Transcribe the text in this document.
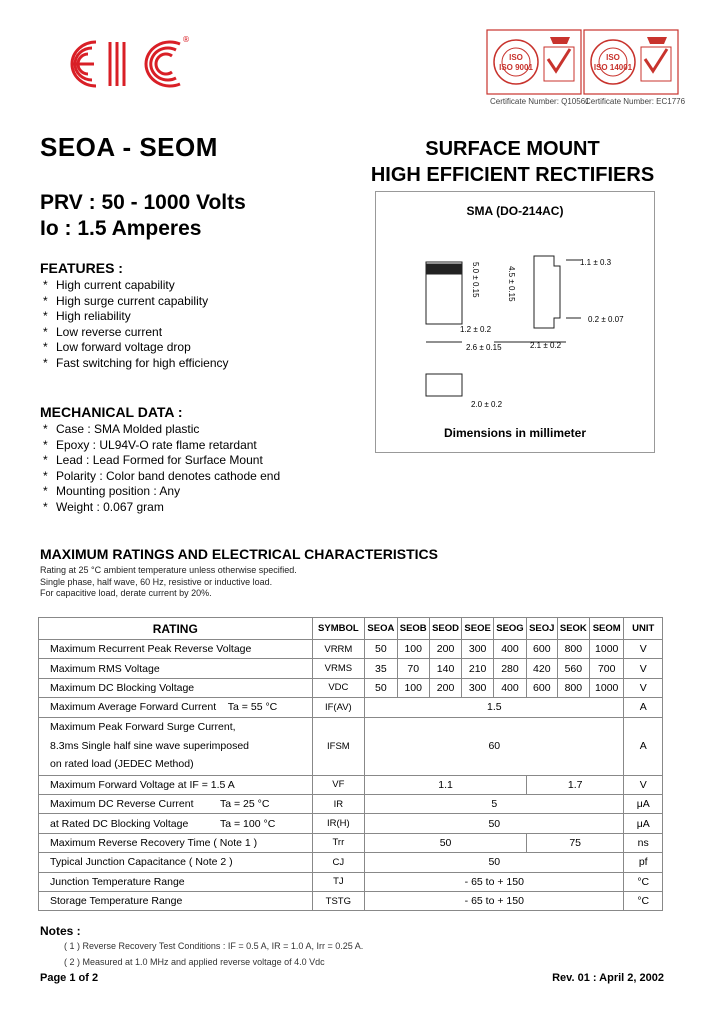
®
ISO
ISO 9001
Certificate Number: Q10561
ISO
ISO 14001
Certificate Number: EC1776
SEOA - SEOM	SURFACE MOUNT
HIGH EFFICIENT RECTIFIERS
PRV : 50 - 1000 Volts
Io : 1.5 Amperes
FEATURES :
* High current capability
* High surge current capability
* High reliability
* Low reverse current
* Low forward voltage drop
* Fast switching for high efficiency
MECHANICAL DATA :
* Case : SMA Molded plastic
* Epoxy : UL94V-O rate flame retardant
* Lead : Lead Formed for Surface Mount
* Polarity : Color band denotes cathode end
* Mounting position : Any
* Weight : 0.067 gram
SMA (DO-214AC)
1.1 ± 0.3
5.0 ± 0.15	4.5 ± 0.15
0.2 ± 0.07
1.2 ± 0.2
2.6 ± 0.15	2.1 ± 0.2
2.0 ± 0.2
Dimensions in millimeter
MAXIMUM RATINGS AND ELECTRICAL CHARACTERISTICS
Rating at 25 °C ambient temperature unless otherwise specified.
Single phase, half wave, 60 Hz, resistive or inductive load.
For capacitive load, derate current by 20%.
RATING	SYMBOL	SEOA	SEOB	SEOD	SEOE	SEOG	SEOJ	SEOK	SEOM	UNIT
Maximum Recurrent Peak Reverse Voltage	VRRM	50	100	200	300	400	600	800	1000	V
Maximum RMS Voltage	VRMS	35	70	140	210	280	420	560	700	V
Maximum DC Blocking Voltage	VDC	50	100	200	300	400	600	800	1000	V
Maximum Average Forward Current Ta = 55 °C	IF(AV)	1.5								A

Maximum Peak Forward Surge Current,
8.3ms Single half sine wave superimposed
on rated load (JEDEC Method)	IFSM	60								A
Maximum Forward Voltage at IF = 1.5 A	VF	1.1					1.7			V
Maximum DC Reverse Current Ta = 25 °C	IR	5								μA
at Rated DC Blocking Voltage Ta = 100 °C	IR(H)	50								μA
Maximum Reverse Recovery Time ( Note 1 )	Trr	50					75			ns
Typical Junction Capacitance ( Note 2 )	CJ	50								pf
Junction Temperature Range	TJ	- 65 to + 150								°C
Storage Temperature Range	TSTG	- 65 to + 150								°C
Notes :
( 1 ) Reverse Recovery Test Conditions : IF = 0.5 A, IR = 1.0 A, Irr = 0.25 A.
( 2 ) Measured at 1.0 MHz and applied reverse voltage of 4.0 Vdc
Page 1 of 2	Rev. 01 : April 2, 2002
